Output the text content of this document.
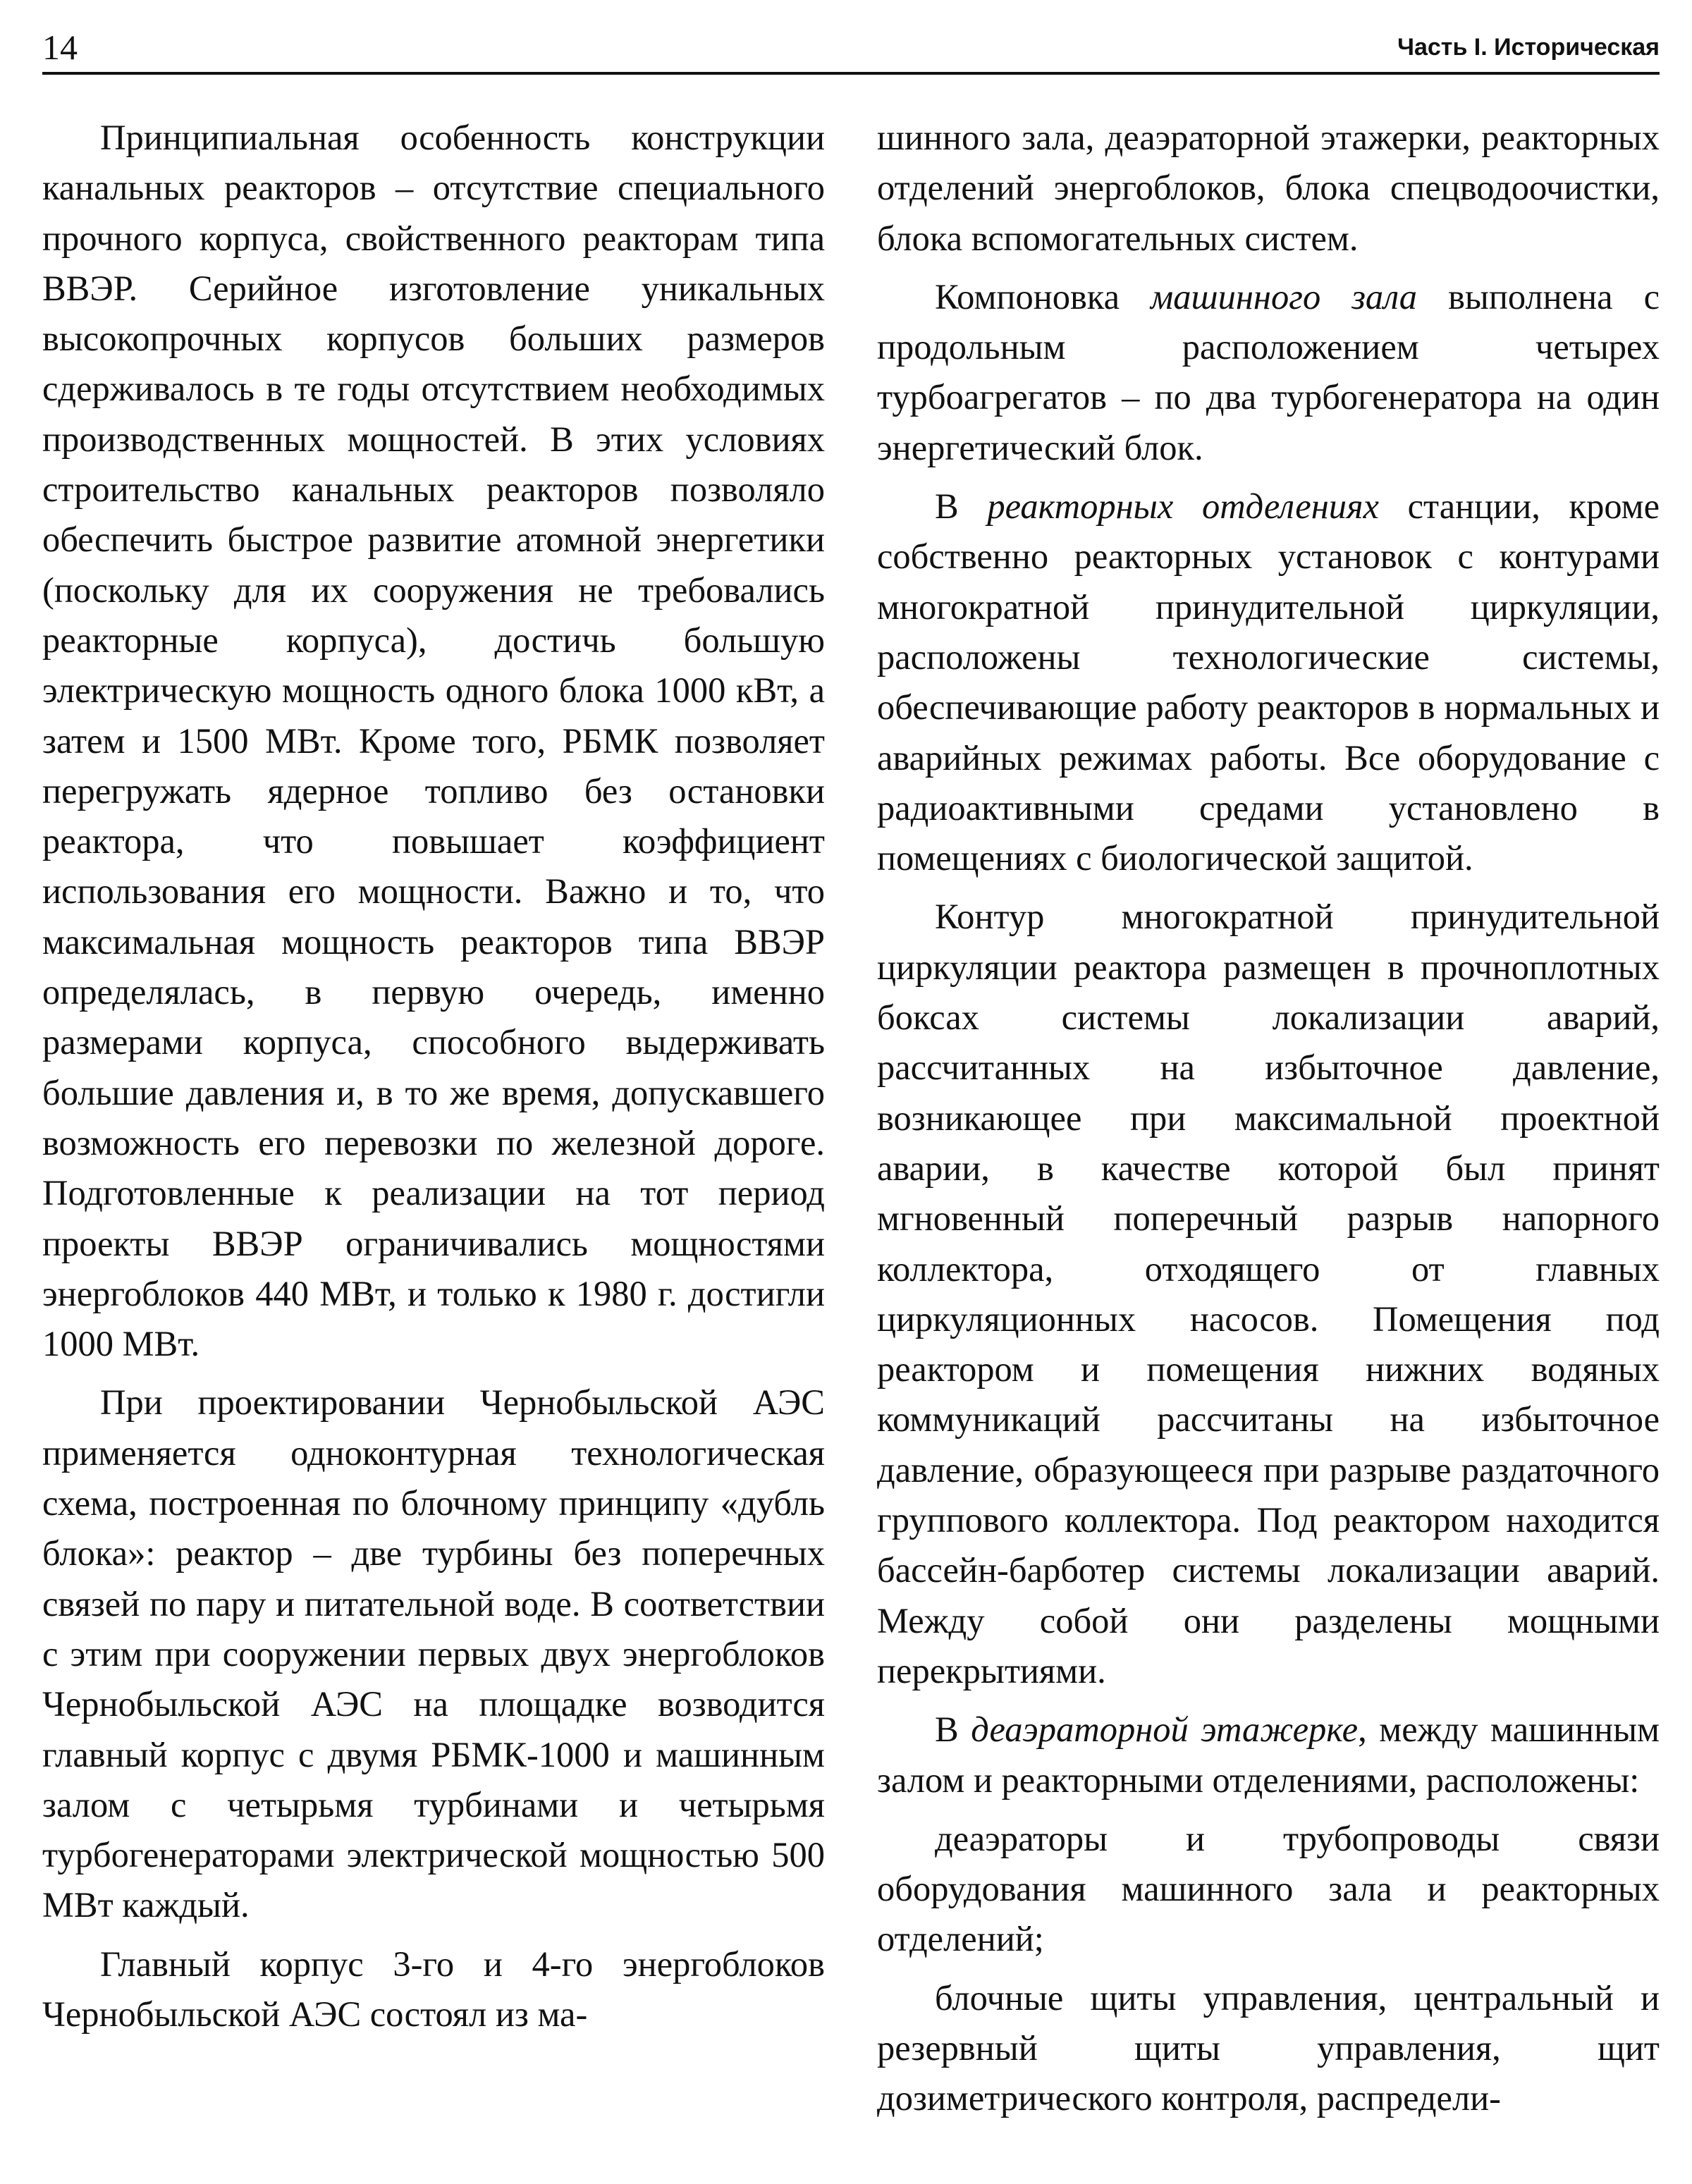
14	Часть I. Историческая

Принципиальная особенность конструкции канальных реакторов – отсутствие специального прочного корпуса, свойственного реакторам типа ВВЭР. Серийное изготовление уникальных высокопрочных корпусов больших размеров сдерживалось в те годы отсутствием необходимых производственных мощностей. В этих условиях строительство канальных реакторов позволяло обеспечить быстрое развитие атомной энергетики (поскольку для их сооружения не требовались реакторные корпуса), достичь большую электрическую мощность одного блока 1000 кВт, а затем и 1500 МВт. Кроме того, РБМК позволяет перегружать ядерное топливо без остановки реактора, что повышает коэффициент использования его мощности. Важно и то, что максимальная мощность реакторов типа ВВЭР определялась, в первую очередь, именно размерами корпуса, способного выдерживать большие давления и, в то же время, допускавшего возможность его перевозки по железной дороге. Подготовленные к реализации на тот период проекты ВВЭР ограничивались мощностями энергоблоков 440 МВт, и только к 1980 г. достигли 1000 МВт.

При проектировании Чернобыльской АЭС применяется одноконтурная технологическая схема, построенная по блочному принципу «дубль блока»: реактор – две турбины без поперечных связей по пару и питательной воде. В соответствии с этим при сооружении первых двух энергоблоков Чернобыльской АЭС на площадке возводится главный корпус с двумя РБМК-1000 и машинным залом с четырьмя турбинами и четырьмя турбогенераторами электрической мощностью 500 МВт каждый.

Главный корпус 3-го и 4-го энергоблоков Чернобыльской АЭС состоял из ма-

шинного зала, деаэраторной этажерки, реакторных отделений энергоблоков, блока спецводоочистки, блока вспомогательных систем.

Компоновка машинного зала выполнена с продольным расположением четырех турбоагрегатов – по два турбогенератора на один энергетический блок.

В реакторных отделениях станции, кроме собственно реакторных установок с контурами многократной принудительной циркуляции, расположены технологические системы, обеспечивающие работу реакторов в нормальных и аварийных режимах работы. Все оборудование с радиоактивными средами установлено в помещениях с биологической защитой.

Контур многократной принудительной циркуляции реактора размещен в прочноплотных боксах системы локализации аварий, рассчитанных на избыточное давление, возникающее при максимальной проектной аварии, в качестве которой был принят мгновенный поперечный разрыв напорного коллектора, отходящего от главных циркуляционных насосов. Помещения под реактором и помещения нижних водяных коммуникаций рассчитаны на избыточное давление, образующееся при разрыве раздаточного группового коллектора. Под реактором находится бассейн-барботер системы локализации аварий. Между собой они разделены мощными перекрытиями.

В деаэраторной этажерке, между машинным залом и реакторными отделениями, расположены:

деаэраторы и трубопроводы связи оборудования машинного зала и реакторных отделений;

блочные щиты управления, центральный и резервный щиты управления, щит дозиметрического контроля, распредели-
